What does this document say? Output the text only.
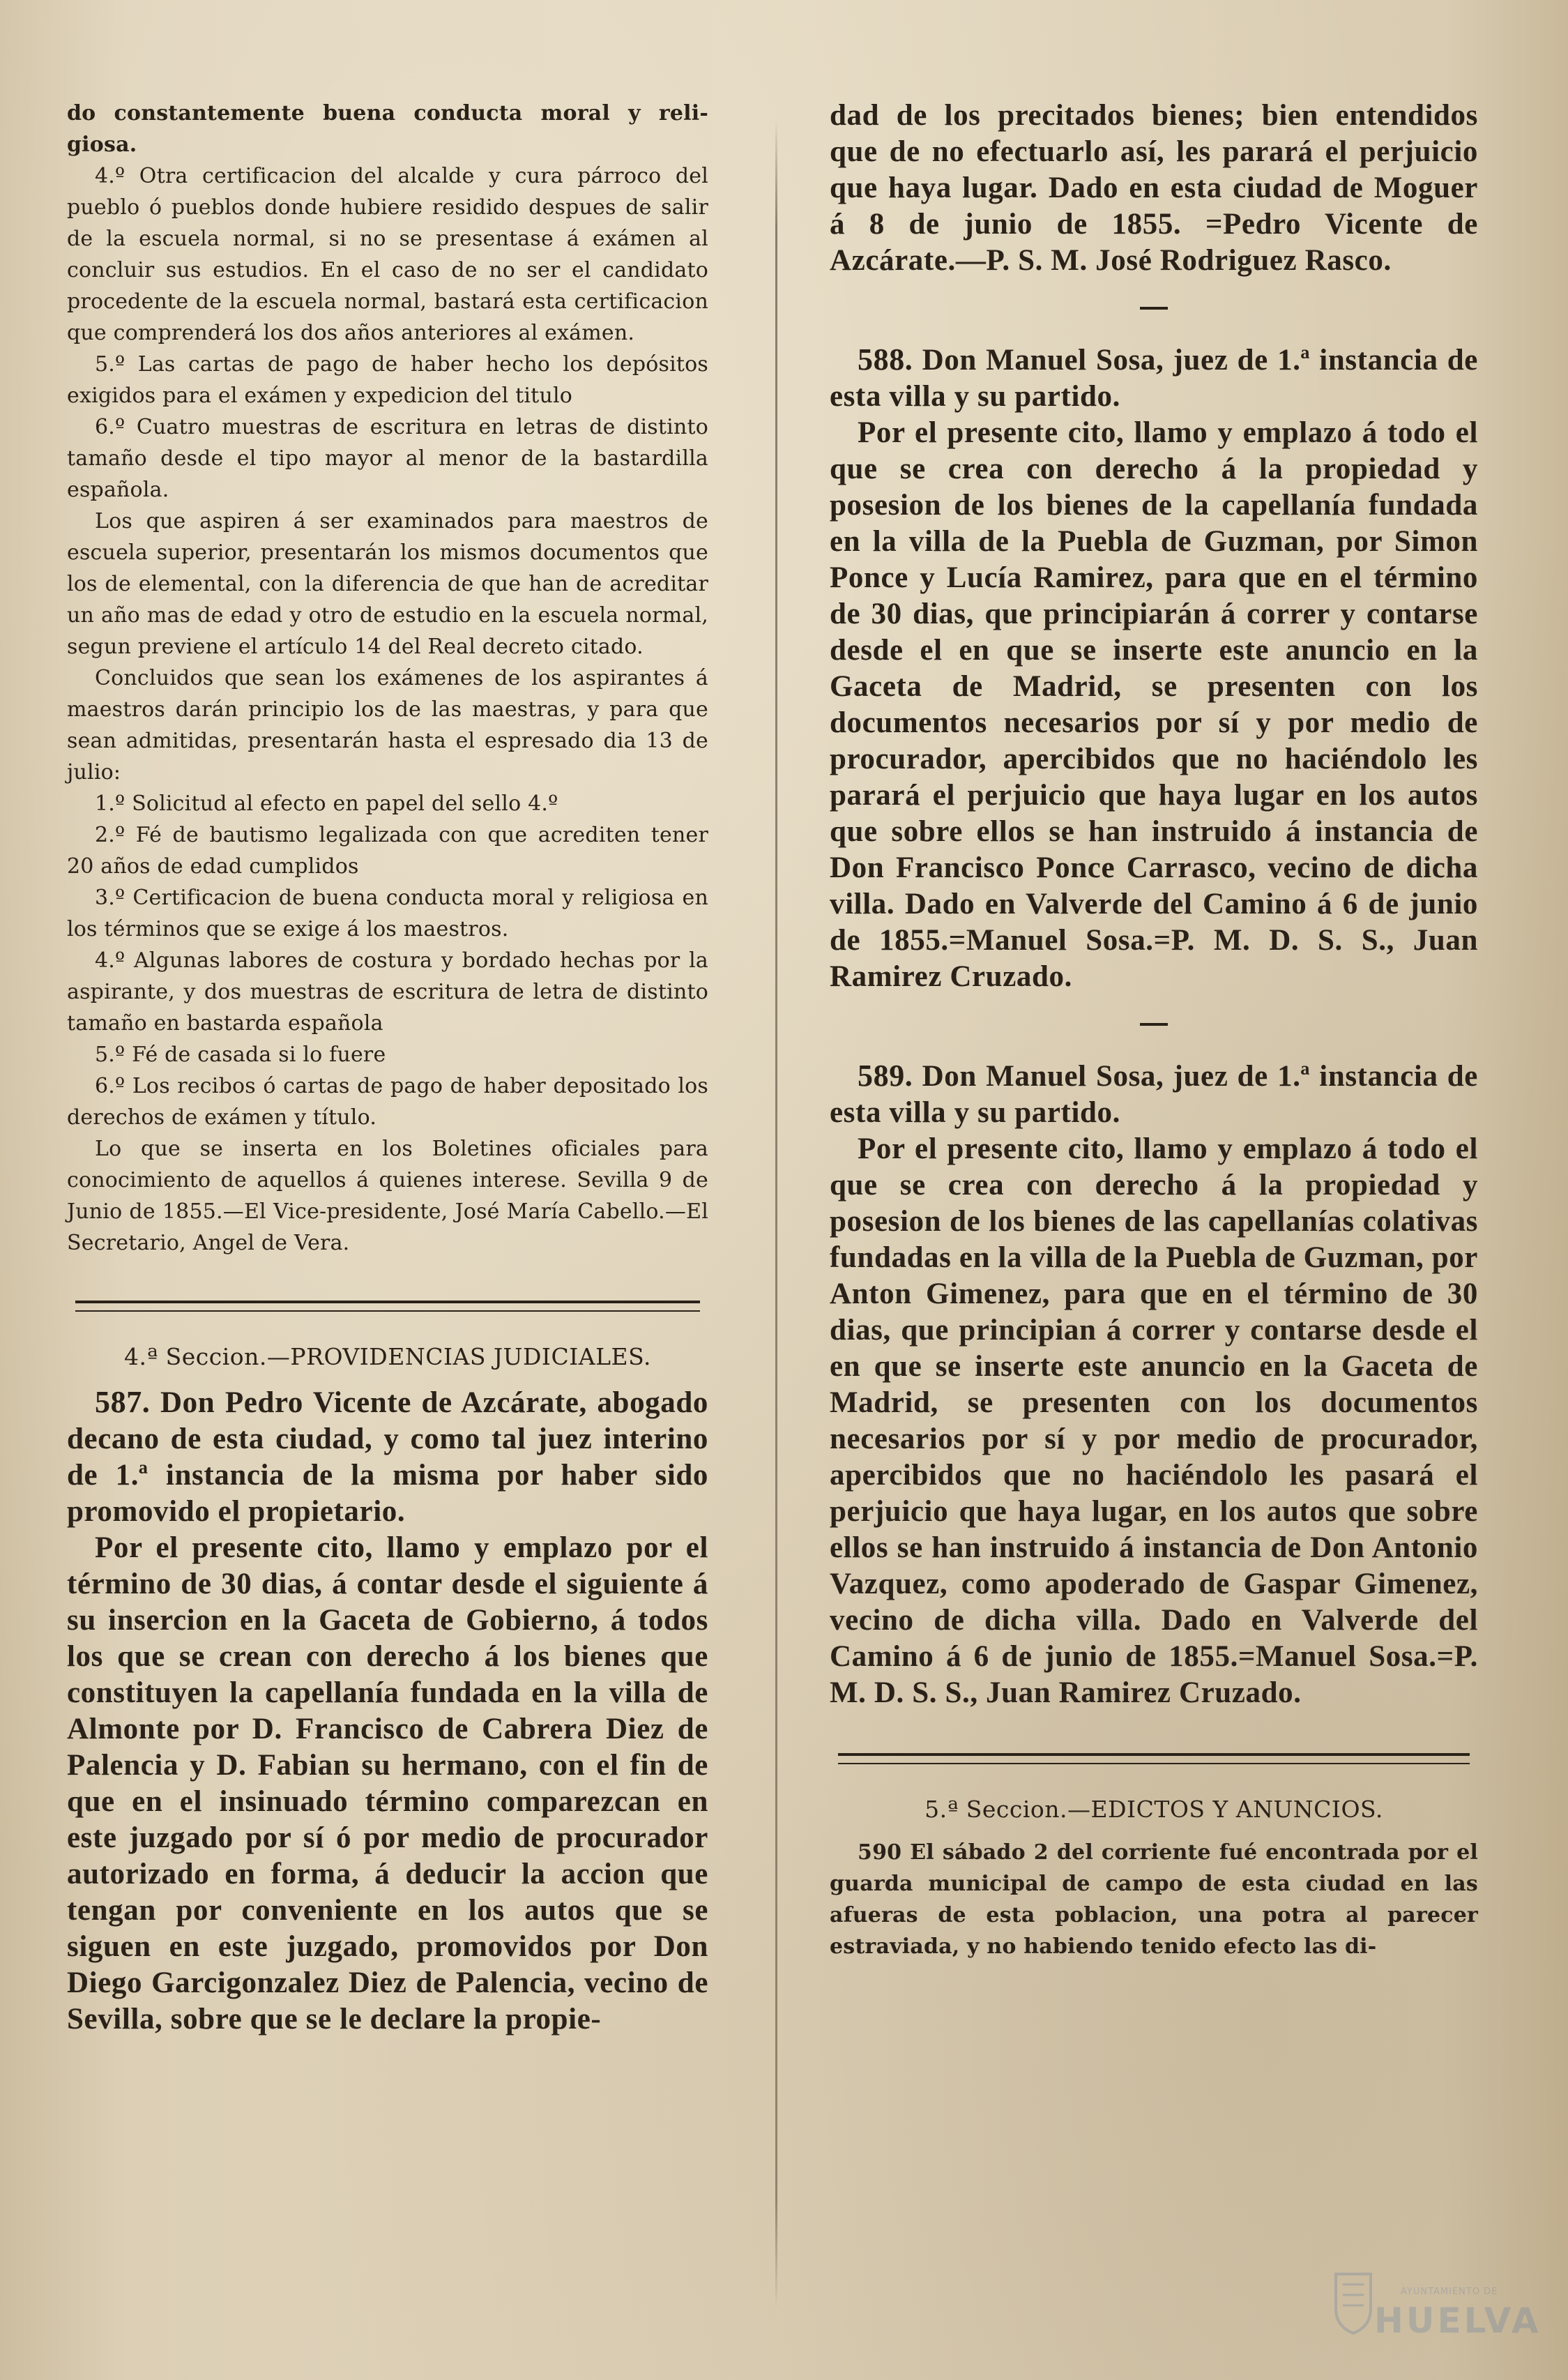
do constantemente buena conducta moral y reli- giosa.

4.º Otra certificacion del alcalde y cura párroco del pueblo ó pueblos donde hubiere residido despues de salir de la escuela normal, si no se presentase á exámen al concluir sus estudios. En el caso de no ser el candidato procedente de la escuela normal, bastará esta certificacion que comprenderá los dos años anteriores al exámen.

5.º Las cartas de pago de haber hecho los depósitos exigidos para el exámen y expedicion del titulo

6.º Cuatro muestras de escritura en letras de distinto tamaño desde el tipo mayor al menor de la bastardilla española.

Los que aspiren á ser examinados para maestros de escuela superior, presentarán los mismos documentos que los de elemental, con la diferencia de que han de acreditar un año mas de edad y otro de estudio en la escuela normal, segun previene el artículo 14 del Real decreto citado.

Concluidos que sean los exámenes de los aspirantes á maestros darán principio los de las maestras, y para que sean admitidas, presentarán hasta el espresado dia 13 de julio:

1.º Solicitud al efecto en papel del sello 4.º

2.º Fé de bautismo legalizada con que acrediten tener 20 años de edad cumplidos

3.º Certificacion de buena conducta moral y religiosa en los términos que se exige á los maestros.

4.º Algunas labores de costura y bordado hechas por la aspirante, y dos muestras de escritura de letra de distinto tamaño en bastarda española

5.º Fé de casada si lo fuere

6.º Los recibos ó cartas de pago de haber depositado los derechos de exámen y título.

Lo que se inserta en los Boletines oficiales para conocimiento de aquellos á quienes interese. Sevilla 9 de Junio de 1855.—El Vice-presidente, José María Cabello.—El Secretario, Angel de Vera.

4.ª Seccion.—PROVIDENCIAS JUDICIALES.

587. Don Pedro Vicente de Azcárate, abogado decano de esta ciudad, y como tal juez interino de 1.ª instancia de la misma por haber sido promovido el propietario.

Por el presente cito, llamo y emplazo por el término de 30 dias, á contar desde el siguiente á su insercion en la Gaceta de Gobierno, á todos los que se crean con derecho á los bienes que constituyen la capellanía fundada en la villa de Almonte por D. Francisco de Cabrera Diez de Palencia y D. Fabian su hermano, con el fin de que en el insinuado término comparezcan en este juzgado por sí ó por medio de procurador autorizado en forma, á deducir la accion que tengan por conveniente en los autos que se siguen en este juzgado, promovidos por Don Diego Garcigonzalez Diez de Palencia, vecino de Sevilla, sobre que se le declare la propie-

dad de los precitados bienes; bien entendidos que de no efectuarlo así, les parará el perjuicio que haya lugar. Dado en esta ciudad de Moguer á 8 de junio de 1855. =Pedro Vicente de Azcárate.—P. S. M. José Rodriguez Rasco.

588. Don Manuel Sosa, juez de 1.ª instancia de esta villa y su partido.

Por el presente cito, llamo y emplazo á todo el que se crea con derecho á la propiedad y posesion de los bienes de la capellanía fundada en la villa de la Puebla de Guzman, por Simon Ponce y Lucía Ramirez, para que en el término de 30 dias, que principiarán á correr y contarse desde el en que se inserte este anuncio en la Gaceta de Madrid, se presenten con los documentos necesarios por sí y por medio de procurador, apercibidos que no haciéndolo les parará el perjuicio que haya lugar en los autos que sobre ellos se han instruido á instancia de Don Francisco Ponce Carrasco, vecino de dicha villa. Dado en Valverde del Camino á 6 de junio de 1855.=Manuel Sosa.=P. M. D. S. S., Juan Ramirez Cruzado.

589. Don Manuel Sosa, juez de 1.ª instancia de esta villa y su partido.

Por el presente cito, llamo y emplazo á todo el que se crea con derecho á la propiedad y posesion de los bienes de las capellanías colativas fundadas en la villa de la Puebla de Guzman, por Anton Gimenez, para que en el término de 30 dias, que principian á correr y contarse desde el en que se inserte este anuncio en la Gaceta de Madrid, se presenten con los documentos necesarios por sí y por medio de procurador, apercibidos que no haciéndolo les pasará el perjuicio que haya lugar, en los autos que sobre ellos se han instruido á instancia de Don Antonio Vazquez, como apoderado de Gaspar Gimenez, vecino de dicha villa. Dado en Valverde del Camino á 6 de junio de 1855.=Manuel Sosa.=P. M. D. S. S., Juan Ramirez Cruzado.

5.ª Seccion.—EDICTOS Y ANUNCIOS.

590 El sábado 2 del corriente fué encontrada por el guarda municipal de campo de esta ciudad en las afueras de esta poblacion, una potra al parecer estraviada, y no habiendo tenido efecto las di-

AYUNTAMIENTO DE
HUELVA
